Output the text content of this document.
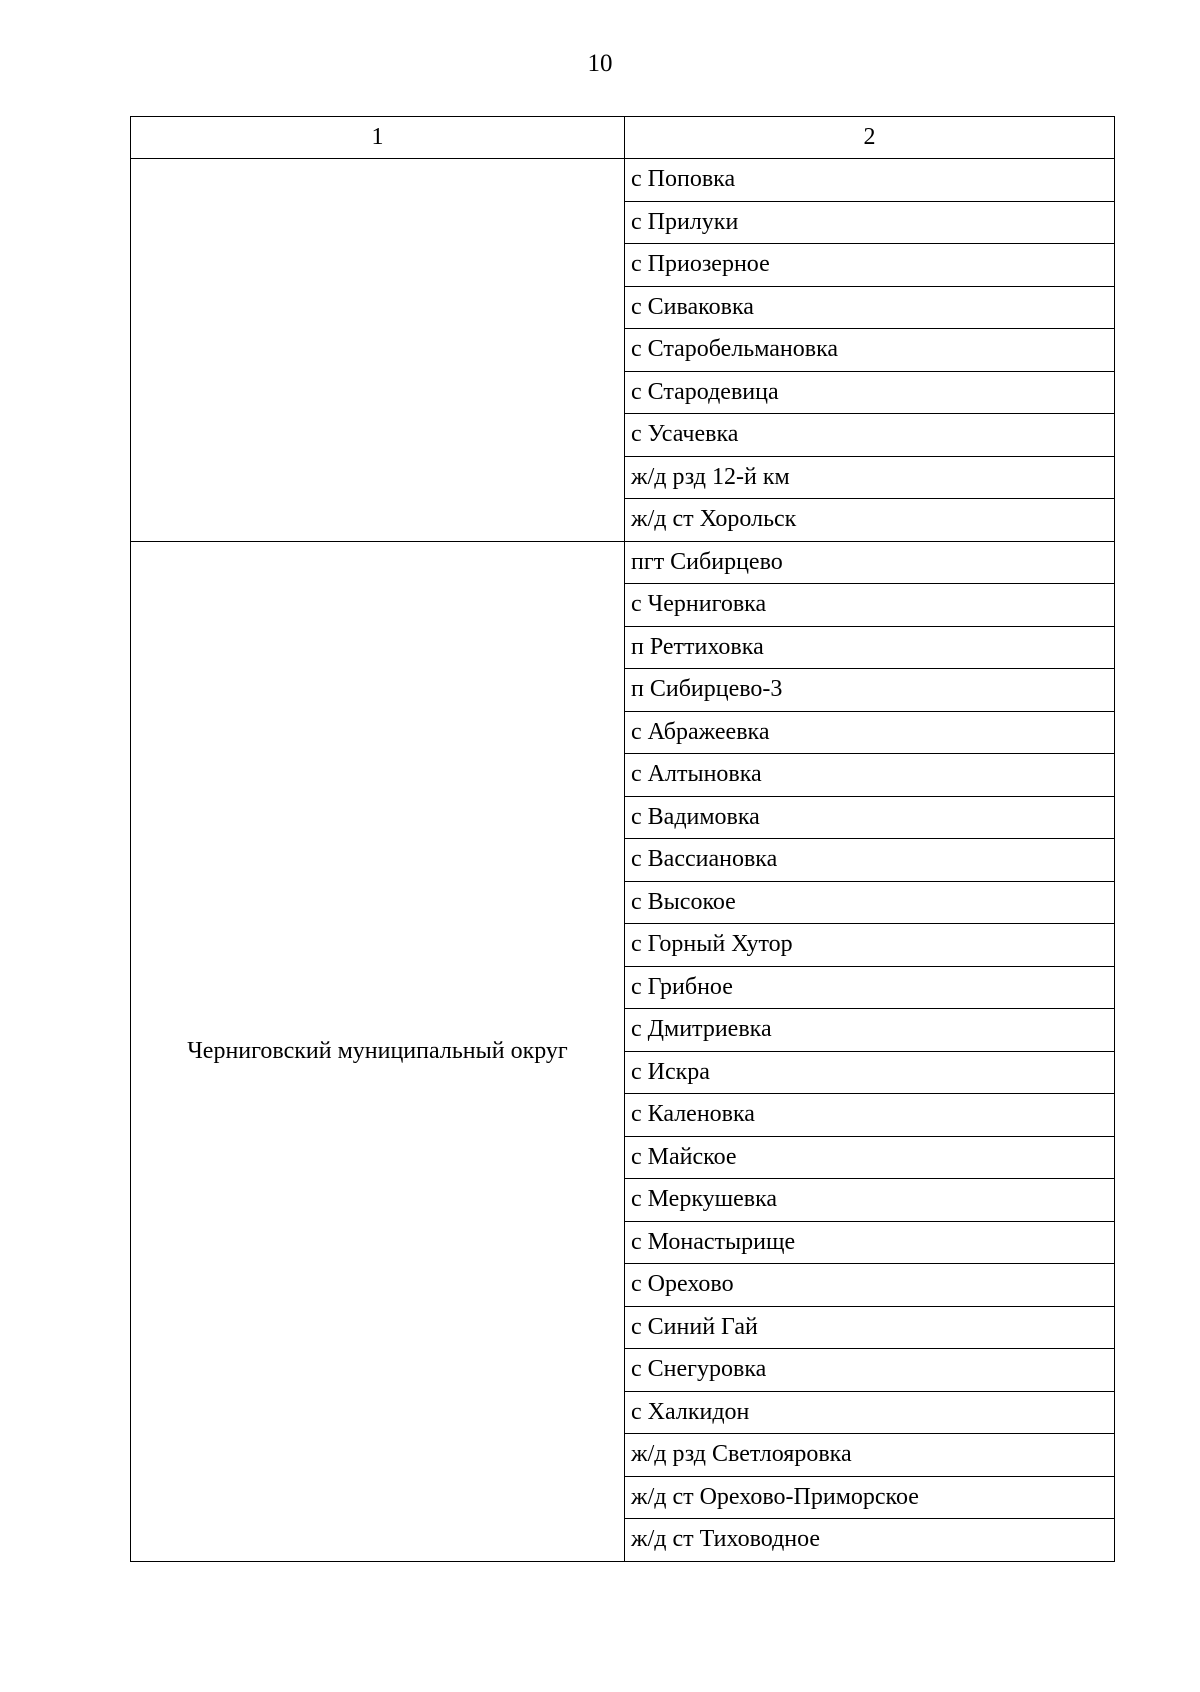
10
1	2
	с Поповка
	с Прилуки
	с Приозерное
	с Сиваковка
	с Старобельмановка
	с Стародевица
	с Усачевка
	ж/д рзд 12-й км
	ж/д ст Хорольск
Черниговский муниципальный округ	пгт Сибирцево
	с Черниговка
	п Реттиховка
	п Сибирцево-3
	с Абражеевка
	с Алтыновка
	с Вадимовка
	с Вассиановка
	с Высокое
	с Горный Хутор
	с Грибное
	с Дмитриевка
	с Искра
	с Каленовка
	с Майское
	с Меркушевка
	с Монастырище
	с Орехово
	с Синий Гай
	с Снегуровка
	с Халкидон
	ж/д рзд Светлояровка
	ж/д ст Орехово-Приморское
	ж/д ст Тиховодное
